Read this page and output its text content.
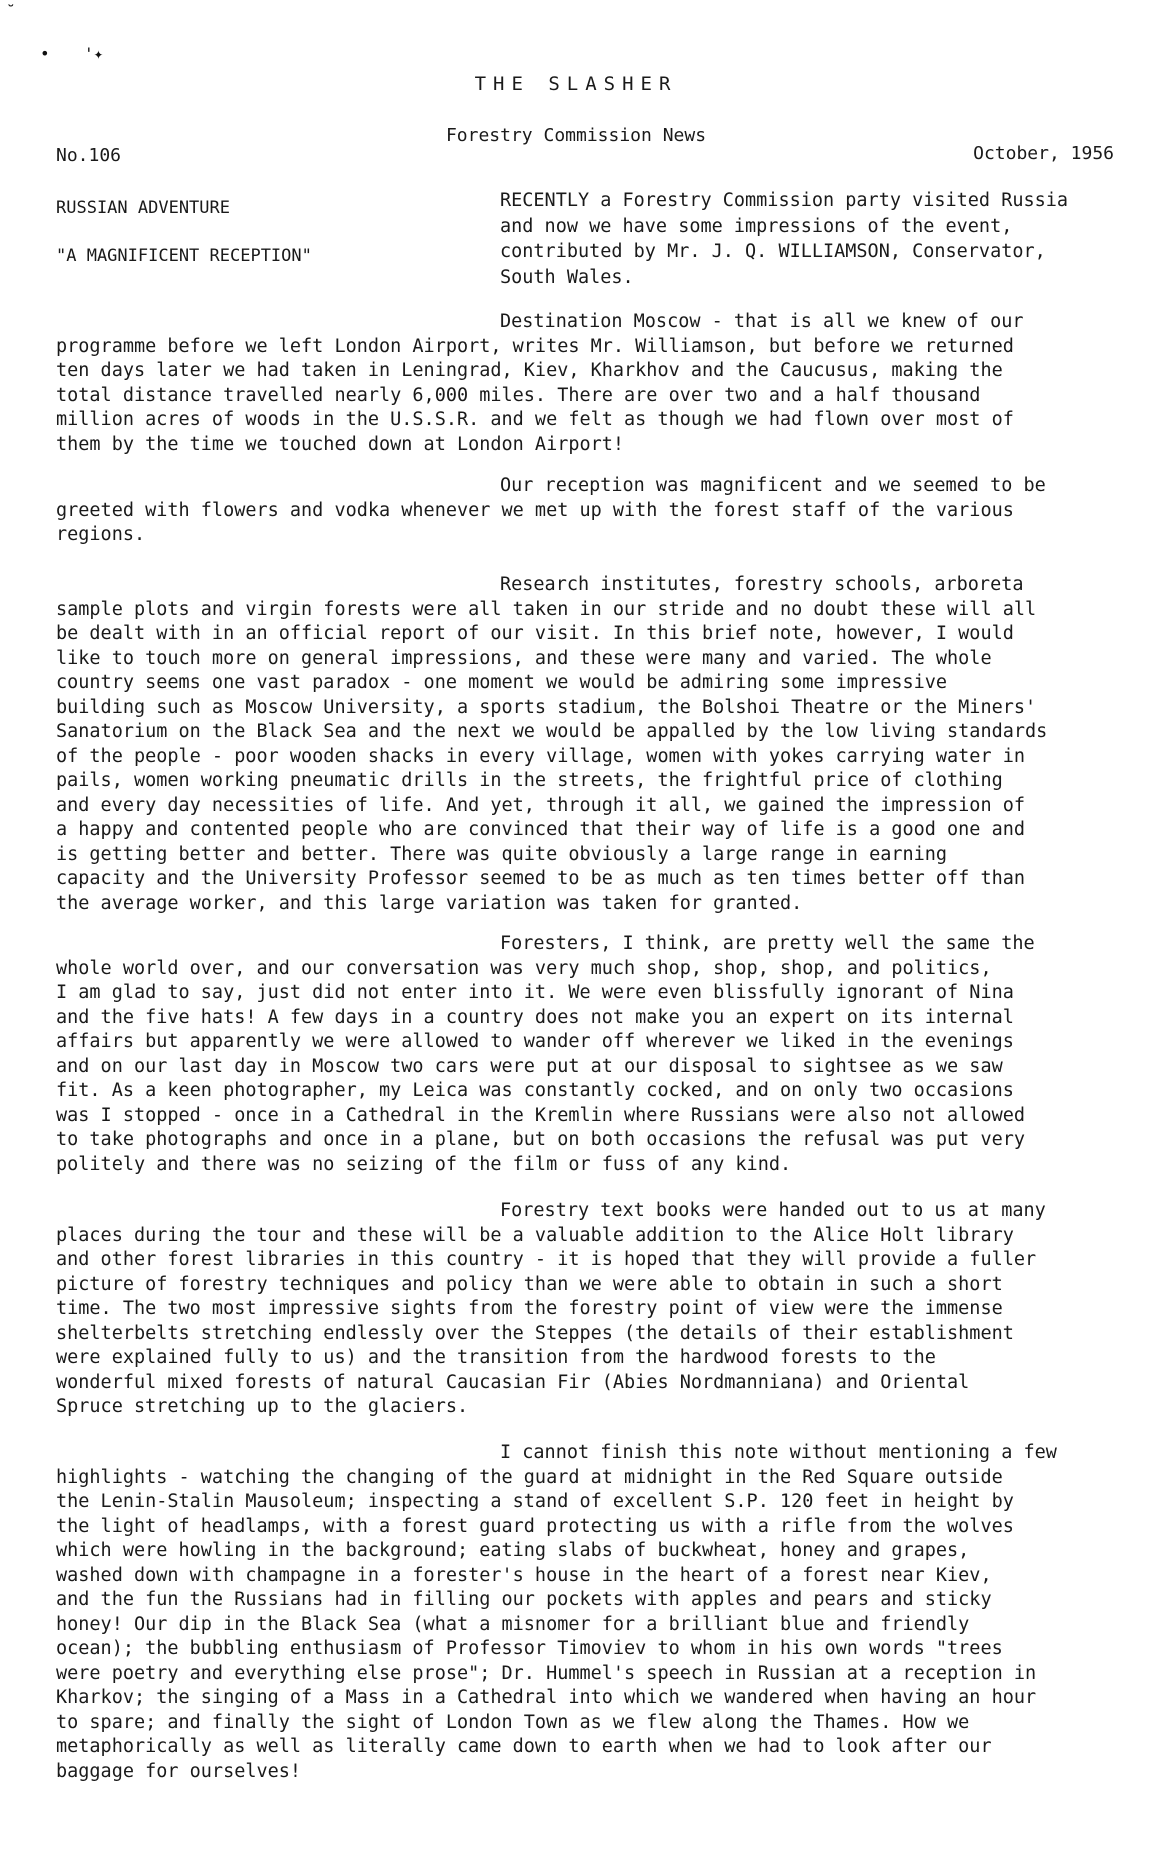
˘
• '✦
THE SLASHER
Forestry Commission News
No.106	October, 1956
RUSSIAN ADVENTURE
"A MAGNIFICENT RECEPTION"
RECENTLY a Forestry Commission party visited Russia
and now we have some impressions of the event,
contributed by Mr. J. Q. WILLIAMSON, Conservator,
South Wales.
Destination Moscow - that is all we knew of our
programme before we left London Airport, writes Mr. Williamson, but before we returned
ten days later we had taken in Leningrad, Kiev, Kharkhov and the Caucusus, making the
total distance travelled nearly 6,000 miles. There are over two and a half thousand
million acres of woods in the U.S.S.R. and we felt as though we had flown over most of
them by the time we touched down at London Airport!
Our reception was magnificent and we seemed to be
greeted with flowers and vodka whenever we met up with the forest staff of the various
regions.
Research institutes, forestry schools, arboreta
sample plots and virgin forests were all taken in our stride and no doubt these will all
be dealt with in an official report of our visit. In this brief note, however, I would
like to touch more on general impressions, and these were many and varied. The whole
country seems one vast paradox - one moment we would be admiring some impressive
building such as Moscow University, a sports stadium, the Bolshoi Theatre or the Miners'
Sanatorium on the Black Sea and the next we would be appalled by the low living standards
of the people - poor wooden shacks in every village, women with yokes carrying water in
pails, women working pneumatic drills in the streets, the frightful price of clothing
and every day necessities of life. And yet, through it all, we gained the impression of
a happy and contented people who are convinced that their way of life is a good one and
is getting better and better. There was quite obviously a large range in earning
capacity and the University Professor seemed to be as much as ten times better off than
the average worker, and this large variation was taken for granted.
Foresters, I think, are pretty well the same the
whole world over, and our conversation was very much shop, shop, shop, and politics,
I am glad to say, just did not enter into it. We were even blissfully ignorant of Nina
and the five hats! A few days in a country does not make you an expert on its internal
affairs but apparently we were allowed to wander off wherever we liked in the evenings
and on our last day in Moscow two cars were put at our disposal to sightsee as we saw
fit. As a keen photographer, my Leica was constantly cocked, and on only two occasions
was I stopped - once in a Cathedral in the Kremlin where Russians were also not allowed
to take photographs and once in a plane, but on both occasions the refusal was put very
politely and there was no seizing of the film or fuss of any kind.
Forestry text books were handed out to us at many
places during the tour and these will be a valuable addition to the Alice Holt library
and other forest libraries in this country - it is hoped that they will provide a fuller
picture of forestry techniques and policy than we were able to obtain in such a short
time. The two most impressive sights from the forestry point of view were the immense
shelterbelts stretching endlessly over the Steppes (the details of their establishment
were explained fully to us) and the transition from the hardwood forests to the
wonderful mixed forests of natural Caucasian Fir (Abies Nordmanniana) and Oriental
Spruce stretching up to the glaciers.
I cannot finish this note without mentioning a few
highlights - watching the changing of the guard at midnight in the Red Square outside
the Lenin-Stalin Mausoleum; inspecting a stand of excellent S.P. 120 feet in height by
the light of headlamps, with a forest guard protecting us with a rifle from the wolves
which were howling in the background; eating slabs of buckwheat, honey and grapes,
washed down with champagne in a forester's house in the heart of a forest near Kiev,
and the fun the Russians had in filling our pockets with apples and pears and sticky
honey! Our dip in the Black Sea (what a misnomer for a brilliant blue and friendly
ocean); the bubbling enthusiasm of Professor Timoviev to whom in his own words "trees
were poetry and everything else prose"; Dr. Hummel's speech in Russian at a reception in
Kharkov; the singing of a Mass in a Cathedral into which we wandered when having an hour
to spare; and finally the sight of London Town as we flew along the Thames. How we
metaphorically as well as literally came down to earth when we had to look after our
baggage for ourselves!
